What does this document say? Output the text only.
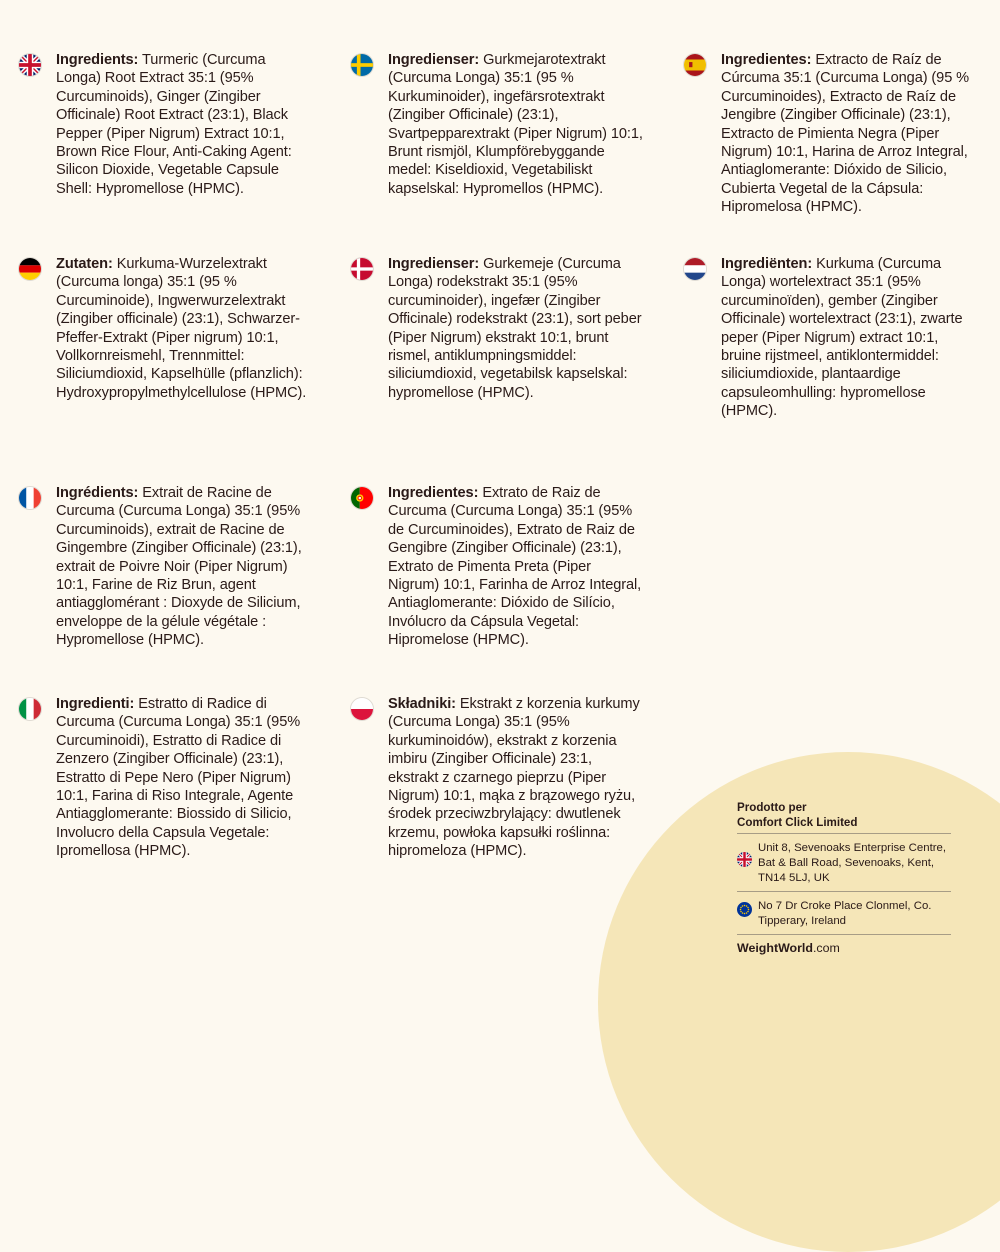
Ingredients: Turmeric (Curcuma Longa) Root Extract 35:1 (95% Curcuminoids), Ginger (Zingiber Officinale) Root Extract (23:1), Black Pepper (Piper Nigrum) Extract 10:1, Brown Rice Flour, Anti-Caking Agent: Silicon Dioxide, Vegetable Capsule Shell: Hypromellose (HPMC).
Zutaten: Kurkuma-Wurzelextrakt (Curcuma longa) 35:1 (95 % Curcuminoide), Ingwerwurzelextrakt (Zingiber officinale) (23:1), Schwarzer-Pfeffer-Extrakt (Piper nigrum) 10:1, Vollkornreismehl, Trennmittel: Siliciumdioxid, Kapselhülle (pflanzlich): Hydroxypropylmethylcellulose (HPMC).
Ingrédients: Extrait de Racine de Curcuma (Curcuma Longa) 35:1 (95% Curcuminoids), extrait de Racine de Gingembre (Zingiber Officinale) (23:1), extrait de Poivre Noir (Piper Nigrum) 10:1, Farine de Riz Brun, agent antiagglomérant : Dioxyde de Silicium, enveloppe de la gélule végétale : Hypromellose (HPMC).
Ingredienti: Estratto di Radice di Curcuma (Curcuma Longa) 35:1 (95% Curcuminoidi), Estratto di Radice di Zenzero (Zingiber Officinale) (23:1), Estratto di Pepe Nero (Piper Nigrum) 10:1, Farina di Riso Integrale, Agente Antiagglomerante: Biossido di Silicio, Involucro della Capsula Vegetale: Ipromellosa (HPMC).
Ingredienser: Gurkmejarotextrakt (Curcuma Longa) 35:1 (95 % Kurkuminoider), ingefärsrotextrakt (Zingiber Officinale) (23:1), Svartpepparextrakt (Piper Nigrum) 10:1, Brunt rismjöl, Klumpförebyggande medel: Kiseldioxid, Vegetabiliskt kapselskal: Hypromellos (HPMC).
Ingredienser: Gurkemeje (Curcuma Longa) rodekstrakt 35:1 (95% curcuminoider), ingefær (Zingiber Officinale) rodekstrakt (23:1), sort peber (Piper Nigrum) ekstrakt 10:1, brunt rismel, antiklumpningsmiddel: siliciumdioxid, vegetabilsk kapselskal: hypromellose (HPMC).
Ingredientes: Extrato de Raiz de Curcuma (Curcuma Longa) 35:1 (95% de Curcuminoides), Extrato de Raiz de Gengibre (Zingiber Officinale) (23:1), Extrato de Pimenta Preta (Piper Nigrum) 10:1, Farinha de Arroz Integral, Antiaglomerante: Dióxido de Silício, Invólucro da Cápsula Vegetal: Hipromelose (HPMC).
Składniki: Ekstrakt z korzenia kurkumy (Curcuma Longa) 35:1 (95% kurkuminoidów), ekstrakt z korzenia imbiru (Zingiber Officinale) 23:1, ekstrakt z czarnego pieprzu (Piper Nigrum) 10:1, mąka z brązowego ryżu, środek przeciwzbrylający: dwutlenek krzemu, powłoka kapsułki roślinna: hipromeloza (HPMC).
Ingredientes: Extracto de Raíz de Cúrcuma 35:1 (Curcuma Longa) (95 % Curcuminoides), Extracto de Raíz de Jengibre (Zingiber Officinale) (23:1), Extracto de Pimienta Negra (Piper Nigrum) 10:1, Harina de Arroz Integral, Antiaglomerante: Dióxido de Silicio, Cubierta Vegetal de la Cápsula: Hipromelosa (HPMC).
Ingrediënten: Kurkuma (Curcuma Longa) wortelextract 35:1 (95% curcuminoïden), gember (Zingiber Officinale) wortelextract (23:1), zwarte peper (Piper Nigrum) extract 10:1, bruine rijstmeel, antiklontermiddel: siliciumdioxide, plantaardige capsuleomhulling: hypromellose (HPMC).
Prodotto per
Comfort Click Limited
Unit 8, Sevenoaks Enterprise Centre, Bat & Ball Road, Sevenoaks, Kent, TN14 5LJ, UK
No 7 Dr Croke Place Clonmel, Co. Tipperary, Ireland
WeightWorld.com
